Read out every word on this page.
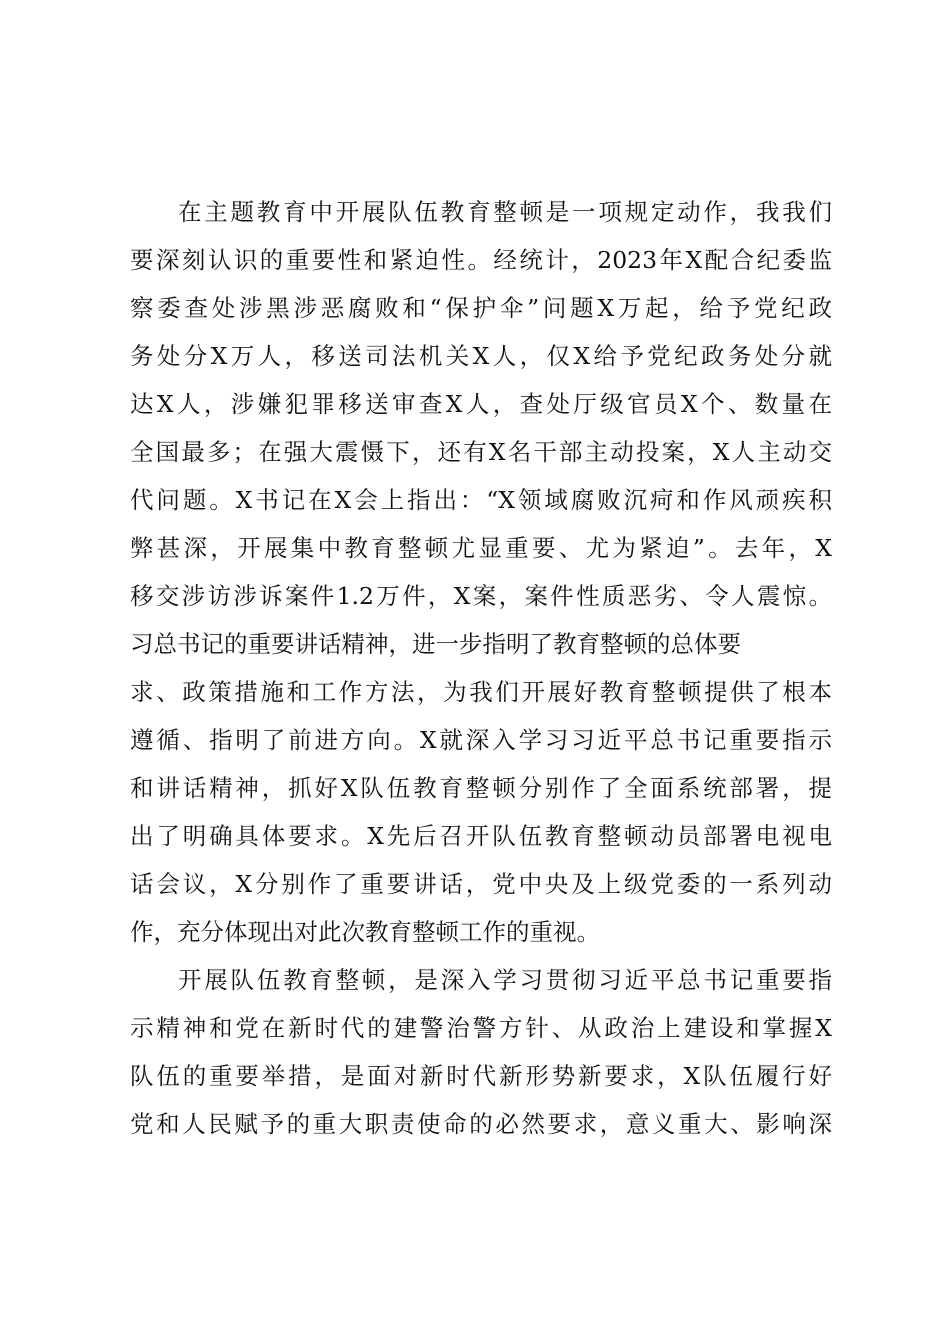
在主题教育中开展队伍教育整顿是一项规定动作，我我们
要深刻认识的重要性和紧迫性。经统计，2023年X配合纪委监
察委查处涉黑涉恶腐败和“保护伞”问题X万起，给予党纪政
务处分X万人，移送司法机关X人，仅X给予党纪政务处分就
达X人，涉嫌犯罪移送审查X人，查处厅级官员X个、数量在
全国最多；在强大震慑下，还有X名干部主动投案，X人主动交
代问题。X书记在X会上指出：“X领域腐败沉疴和作风顽疾积
弊甚深，开展集中教育整顿尤显重要、尤为紧迫”。去年，X
移交涉访涉诉案件1.2万件，X案，案件性质恶劣、令人震惊。
习总书记的重要讲话精神，进一步指明了教育整顿的总体要
求、政策措施和工作方法，为我们开展好教育整顿提供了根本
遵循、指明了前进方向。X就深入学习习近平总书记重要指示
和讲话精神，抓好X队伍教育整顿分别作了全面系统部署，提
出了明确具体要求。X先后召开队伍教育整顿动员部署电视电
话会议，X分别作了重要讲话，党中央及上级党委的一系列动
作，充分体现出对此次教育整顿工作的重视。
开展队伍教育整顿，是深入学习贯彻习近平总书记重要指
示精神和党在新时代的建警治警方针、从政治上建设和掌握X
队伍的重要举措，是面对新时代新形势新要求，X队伍履行好
党和人民赋予的重大职责使命的必然要求，意义重大、影响深
